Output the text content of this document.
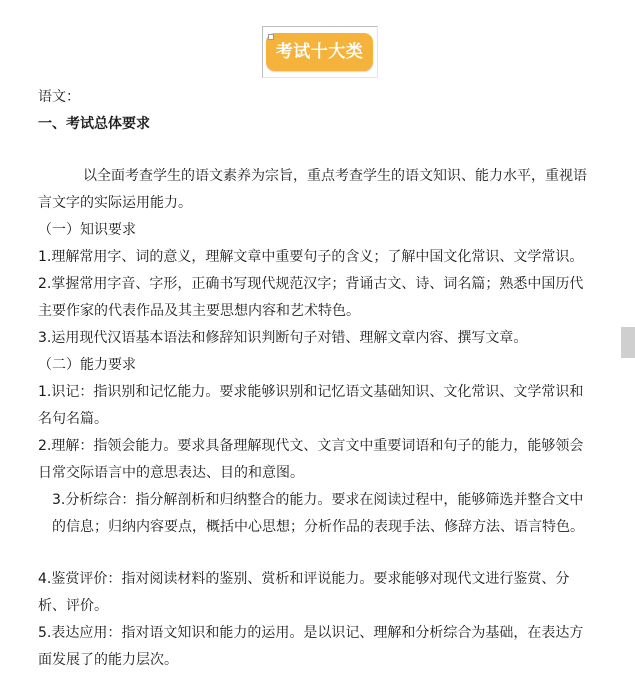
考试十大类

语文：

一、考试总体要求

以全面考查学生的语文素养为宗旨，重点考查学生的语文知识、能力水平，重视语言文字的实际运用能力。

（一）知识要求

1.理解常用字、词的意义，理解文章中重要句子的含义；了解中国文化常识、文学常识。

2.掌握常用字音、字形，正确书写现代规范汉字；背诵古文、诗、词名篇；熟悉中国历代主要作家的代表作品及其主要思想内容和艺术特色。

3.运用现代汉语基本语法和修辞知识判断句子对错、理解文章内容、撰写文章。

（二）能力要求

1.识记：指识别和记忆能力。要求能够识别和记忆语文基础知识、文化常识、文学常识和名句名篇。

2.理解：指领会能力。要求具备理解现代文、文言文中重要词语和句子的能力，能够领会日常交际语言中的意思表达、目的和意图。

3.分析综合：指分解剖析和归纳整合的能力。要求在阅读过程中，能够筛选并整合文中的信息；归纳内容要点，概括中心思想；分析作品的表现手法、修辞方法、语言特色。

4.鉴赏评价：指对阅读材料的鉴别、赏析和评说能力。要求能够对现代文进行鉴赏、分析、评价。

5.表达应用：指对语文知识和能力的运用。是以识记、理解和分析综合为基础，在表达方面发展了的能力层次。
